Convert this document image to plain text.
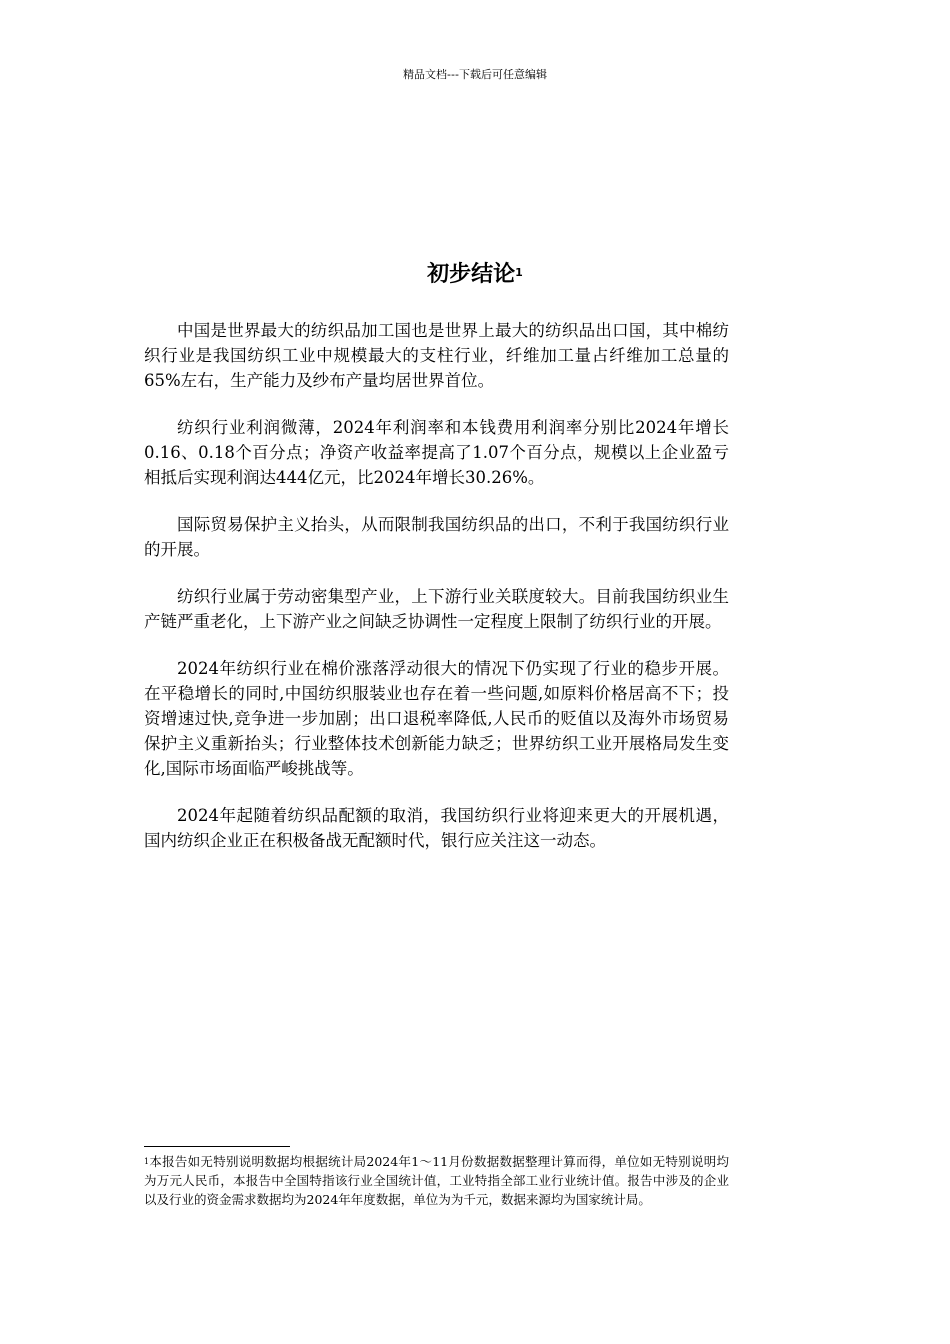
精品文档---下载后可任意编辑
初步结论$^1$

中国是世界最大的纺织品加工国也是世界上最大的纺织品出口国，其中棉纺织行业是我国纺织工业中规模最大的支柱行业，纤维加工量占纤维加工总量的65%左右，生产能力及纱布产量均居世界首位。

纺织行业利润微薄，2024年利润率和本钱费用利润率分别比2024年增长0.16、0.18个百分点；净资产收益率提高了1.07个百分点，规模以上企业盈亏相抵后实现利润达444亿元，比2024年增长30.26%。

国际贸易保护主义抬头，从而限制我国纺织品的出口，不利于我国纺织行业的开展。

纺织行业属于劳动密集型产业，上下游行业关联度较大。目前我国纺织业生产链严重老化，上下游产业之间缺乏协调性一定程度上限制了纺织行业的开展。

2024年纺织行业在棉价涨落浮动很大的情况下仍实现了行业的稳步开展。在平稳增长的同时,中国纺织服装业也存在着一些问题,如原料价格居高不下；投资增速过快,竞争进一步加剧；出口退税率降低,人民币的贬值以及海外市场贸易保护主义重新抬头；行业整体技术创新能力缺乏；世界纺织工业开展格局发生变化,国际市场面临严峻挑战等。

2024年起随着纺织品配额的取消，我国纺织行业将迎来更大的开展机遇，国内纺织企业正在积极备战无配额时代，银行应关注这一动态。

$^1$本报告如无特别说明数据均根据统计局2024年1～11月份数据数据整理计算而得，单位如无特别说明均为万元人民币，本报告中全国特指该行业全国统计值，工业特指全部工业行业统计值。报告中涉及的企业以及行业的资金需求数据均为2024年年度数据，单位为为千元，数据来源均为国家统计局。
